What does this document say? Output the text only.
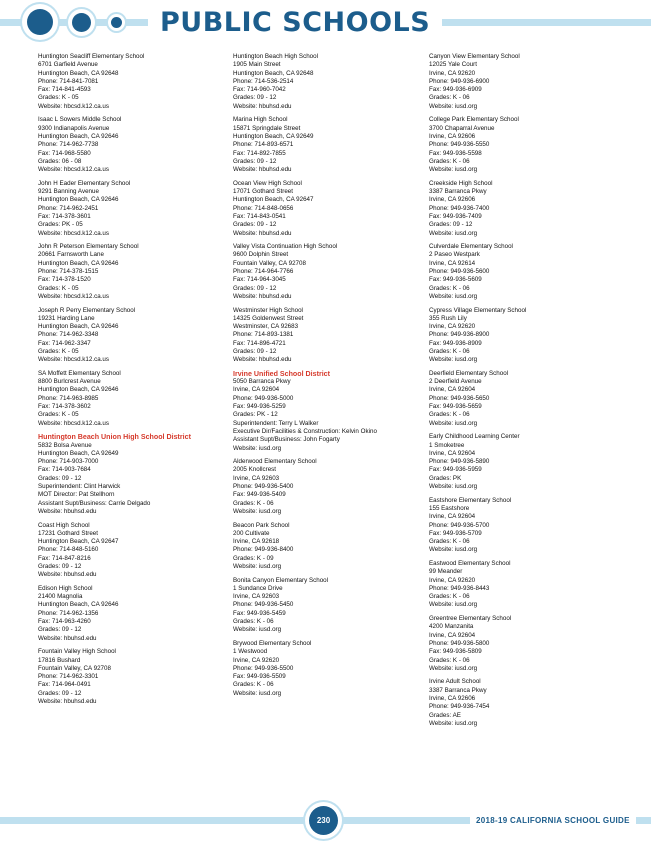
PUBLIC SCHOOLS
Huntington Seacliff Elementary School
6701 Garfield Avenue
Huntington Beach, CA 92648
Phone: 714-841-7081
Fax: 714-841-4593
Grades: K - 05
Website: hbcsd.k12.ca.us
Isaac L Sowers Middle School
9300 Indianapolis Avenue
Huntington Beach, CA 92646
Phone: 714-962-7738
Fax: 714-968-5580
Grades: 06 - 08
Website: hbcsd.k12.ca.us
John H Eader Elementary School
9291 Banning Avenue
Huntington Beach, CA 92646
Phone: 714-962-2451
Fax: 714-378-3601
Grades: PK - 05
Website: hbcsd.k12.ca.us
John R Peterson Elementary School
20661 Farnsworth Lane
Huntington Beach, CA 92646
Phone: 714-378-1515
Fax: 714-378-1520
Grades: K - 05
Website: hbcsd.k12.ca.us
Joseph R Perry Elementary School
19231 Harding Lane
Huntington Beach, CA 92646
Phone: 714-962-3348
Fax: 714-962-3347
Grades: K - 05
Website: hbcsd.k12.ca.us
SA Moffett Elementary School
8800 Burlcrest Avenue
Huntington Beach, CA 92646
Phone: 714-963-8985
Fax: 714-378-3602
Grades: K - 05
Website: hbcsd.k12.ca.us
Huntington Beach Union High School District
5832 Bolsa Avenue
Huntington Beach, CA 92649
Phone: 714-903-7000
Fax: 714-903-7684
Grades: 09 - 12
Superintendent: Clint Harwick
MOT Director: Pat Stellhorn
Assistant Supt/Business: Carrie Delgado
Website: hbuhsd.edu
Coast High School
17231 Gothard Street
Huntington Beach, CA 92647
Phone: 714-848-5160
Fax: 714-847-8216
Grades: 09 - 12
Website: hbuhsd.edu
Edison High School
21400 Magnolia
Huntington Beach, CA 92646
Phone: 714-962-1356
Fax: 714-963-4260
Grades: 09 - 12
Website: hbuhsd.edu
Fountain Valley High School
17816 Bushard
Fountain Valley, CA 92708
Phone: 714-962-3301
Fax: 714-964-0491
Grades: 09 - 12
Website: hbuhsd.edu
Huntington Beach High School
1905 Main Street
Huntington Beach, CA 92648
Phone: 714-536-2514
Fax: 714-960-7042
Grades: 09 - 12
Website: hbuhsd.edu
Marina High School
15871 Springdale Street
Huntington Beach, CA 92649
Phone: 714-893-6571
Fax: 714-892-7855
Grades: 09 - 12
Website: hbuhsd.edu
Ocean View High School
17071 Gothard Street
Huntington Beach, CA 92647
Phone: 714-848-0656
Fax: 714-843-0541
Grades: 09 - 12
Website: hbuhsd.edu
Valley Vista Continuation High School
9600 Dolphin Street
Fountain Valley, CA 92708
Phone: 714-964-7766
Fax: 714-964-3045
Grades: 09 - 12
Website: hbuhsd.edu
Westminster High School
14325 Goldenwest Street
Westminster, CA 92683
Phone: 714-893-1381
Fax: 714-896-4721
Grades: 09 - 12
Website: hbuhsd.edu
Irvine Unified School District
5050 Barranca Pkwy
Irvine, CA 92604
Phone: 949-936-5000
Fax: 949-936-5259
Grades: PK - 12
Superintendent: Terry L Walker
Executive Dir/Facilities & Construction: Kelvin Okino
Assistant Supt/Business: John Fogarty
Website: iusd.org
Alderwood Elementary School
2005 Knollcrest
Irvine, CA 92603
Phone: 949-936-5400
Fax: 949-936-5409
Grades: K - 06
Website: iusd.org
Beacon Park School
200 Cultivate
Irvine, CA 92618
Phone: 949-936-8400
Grades: K - 09
Website: iusd.org
Bonita Canyon Elementary School
1 Sundance Drive
Irvine, CA 92603
Phone: 949-936-5450
Fax: 949-936-5459
Grades: K - 06
Website: iusd.org
Brywood Elementary School
1 Westwood
Irvine, CA 92620
Phone: 949-936-5500
Fax: 949-936-5509
Grades: K - 06
Website: iusd.org
Canyon View Elementary School
12025 Yale Court
Irvine, CA 92620
Phone: 949-936-6900
Fax: 949-936-6909
Grades: K - 06
Website: iusd.org
College Park Elementary School
3700 Chaparral Avenue
Irvine, CA 92606
Phone: 949-936-5550
Fax: 949-936-5598
Grades: K - 06
Website: iusd.org
Creekside High School
3387 Barranca Pkwy
Irvine, CA 92606
Phone: 949-936-7400
Fax: 949-936-7409
Grades: 09 - 12
Website: iusd.org
Culverdale Elementary School
2 Paseo Westpark
Irvine, CA 92614
Phone: 949-936-5600
Fax: 949-936-5609
Grades: K - 06
Website: iusd.org
Cypress Village Elementary School
355 Rush Lily
Irvine, CA 92620
Phone: 949-936-8900
Fax: 949-936-8909
Grades: K - 06
Website: iusd.org
Deerfield Elementary School
2 Deerfield Avenue
Irvine, CA 92604
Phone: 949-936-5650
Fax: 949-936-5659
Grades: K - 06
Website: iusd.org
Early Childhood Learning Center
1 Smoketree
Irvine, CA 92604
Phone: 949-936-5890
Fax: 949-936-5959
Grades: PK
Website: iusd.org
Eastshore Elementary School
155 Eastshore
Irvine, CA 92604
Phone: 949-936-5700
Fax: 949-936-5709
Grades: K - 06
Website: iusd.org
Eastwood Elementary School
99 Meander
Irvine, CA 92620
Phone: 949-936-8443
Grades: K - 06
Website: iusd.org
Greentree Elementary School
4200 Manzanita
Irvine, CA 92604
Phone: 949-936-5800
Fax: 949-936-5809
Grades: K - 06
Website: iusd.org
Irvine Adult School
3387 Barranca Pkwy
Irvine, CA 92606
Phone: 949-936-7454
Grades: AE
Website: iusd.org
230	2018-19 CALIFORNIA SCHOOL GUIDE
